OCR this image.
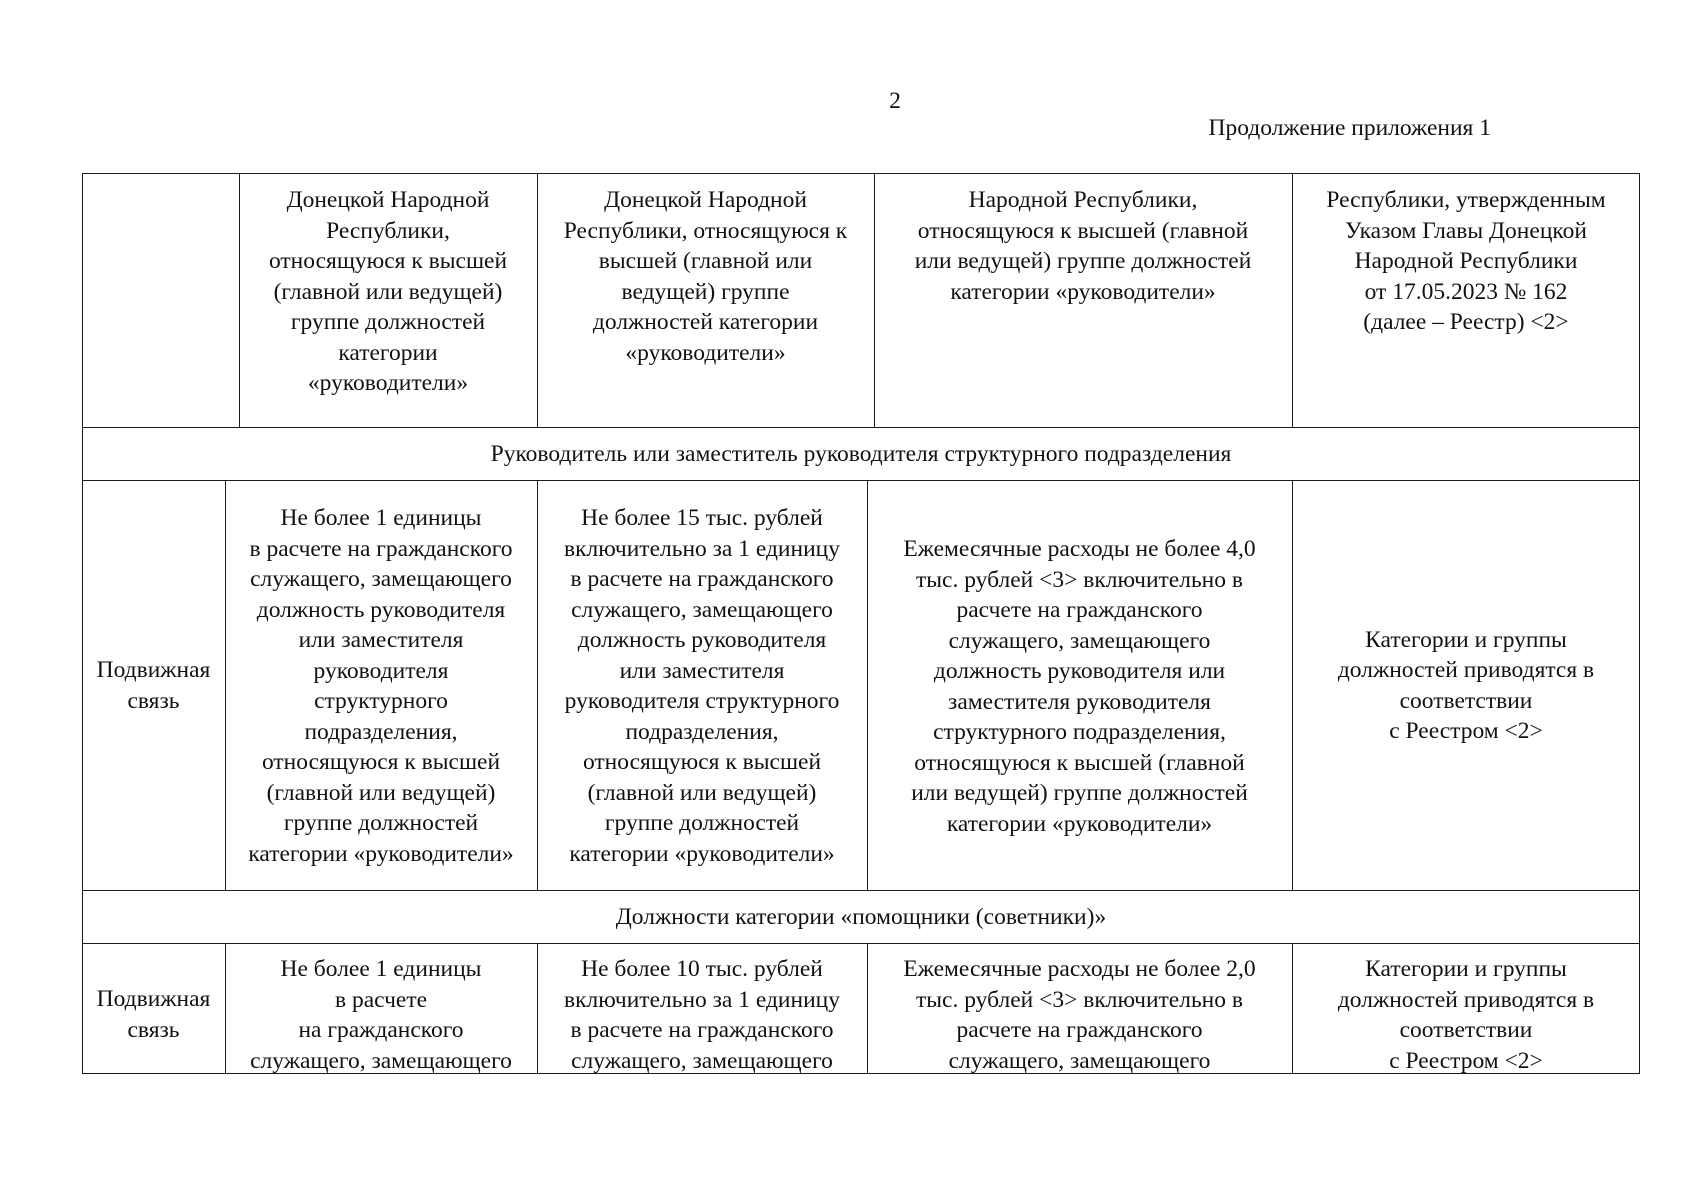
2
Продолжение приложения 1
Донецкой Народной
Республики,
относящуюся к высшей
(главной или ведущей)
группе должностей
категории
«руководители»
Донецкой Народной
Республики, относящуюся к
высшей (главной или
ведущей) группе
должностей категории
«руководители»
Народной Республики,
относящуюся к высшей (главной
или ведущей) группе должностей
категории «руководители»
Республики, утвержденным
Указом Главы Донецкой
Народной Республики
от 17.05.2023 № 162
(далее – Реестр) <2>
Руководитель или заместитель руководителя структурного подразделения
Подвижная
связь
Не более 1 единицы
в расчете на гражданского
служащего, замещающего
должность руководителя
или заместителя
руководителя
структурного
подразделения,
относящуюся к высшей
(главной или ведущей)
группе должностей
категории «руководители»
Не более 15 тыс. рублей
включительно за 1 единицу
в расчете на гражданского
служащего, замещающего
должность руководителя
или заместителя
руководителя структурного
подразделения,
относящуюся к высшей
(главной или ведущей)
группе должностей
категории «руководители»
Ежемесячные расходы не более 4,0
тыс. рублей <3> включительно в
расчете на гражданского
служащего, замещающего
должность руководителя или
заместителя руководителя
структурного подразделения,
относящуюся к высшей (главной
или ведущей) группе должностей
категории «руководители»
Категории и группы
должностей приводятся в
соответствии
с Реестром <2>
Должности категории «помощники (советники)»
Подвижная
связь
Не более 1 единицы
в расчете
на гражданского
служащего, замещающего
Не более 10 тыс. рублей
включительно за 1 единицу
в расчете на гражданского
служащего, замещающего
Ежемесячные расходы не более 2,0
тыс. рублей <3> включительно в
расчете на гражданского
служащего, замещающего
Категории и группы
должностей приводятся в
соответствии
с Реестром <2>
